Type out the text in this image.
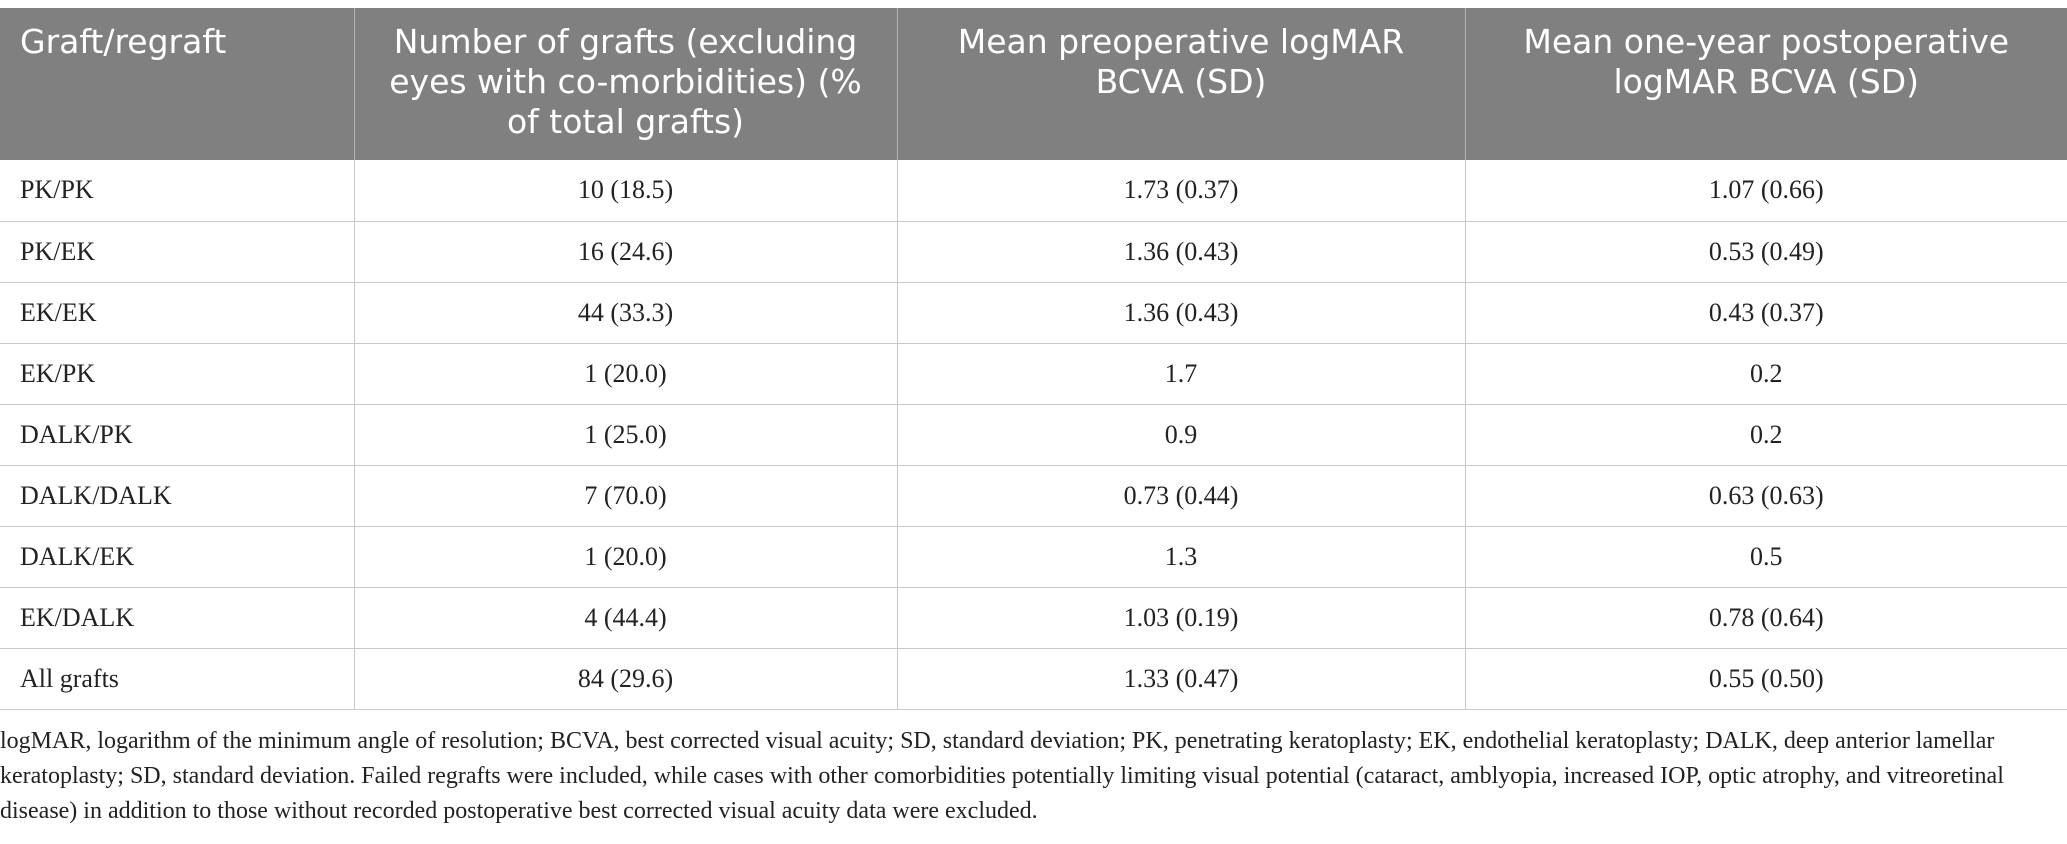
Graft/regraft	Number of grafts (excluding eyes with co-morbidities) (% of total grafts)	Mean preoperative logMAR BCVA (SD)	Mean one-year postoperative logMAR BCVA (SD)
PK/PK	10 (18.5)	1.73 (0.37)	1.07 (0.66)
PK/EK	16 (24.6)	1.36 (0.43)	0.53 (0.49)
EK/EK	44 (33.3)	1.36 (0.43)	0.43 (0.37)
EK/PK	1 (20.0)	1.7	0.2
DALK/PK	1 (25.0)	0.9	0.2
DALK/DALK	7 (70.0)	0.73 (0.44)	0.63 (0.63)
DALK/EK	1 (20.0)	1.3	0.5
EK/DALK	4 (44.4)	1.03 (0.19)	0.78 (0.64)
All grafts	84 (29.6)	1.33 (0.47)	0.55 (0.50)

logMAR, logarithm of the minimum angle of resolution; BCVA, best corrected visual acuity; SD, standard deviation; PK, penetrating keratoplasty; EK, endothelial keratoplasty; DALK, deep anterior lamellar keratoplasty; SD, standard deviation. Failed regrafts were included, while cases with other comorbidities potentially limiting visual potential (cataract, amblyopia, increased IOP, optic atrophy, and vitreoretinal disease) in addition to those without recorded postoperative best corrected visual acuity data were excluded.
